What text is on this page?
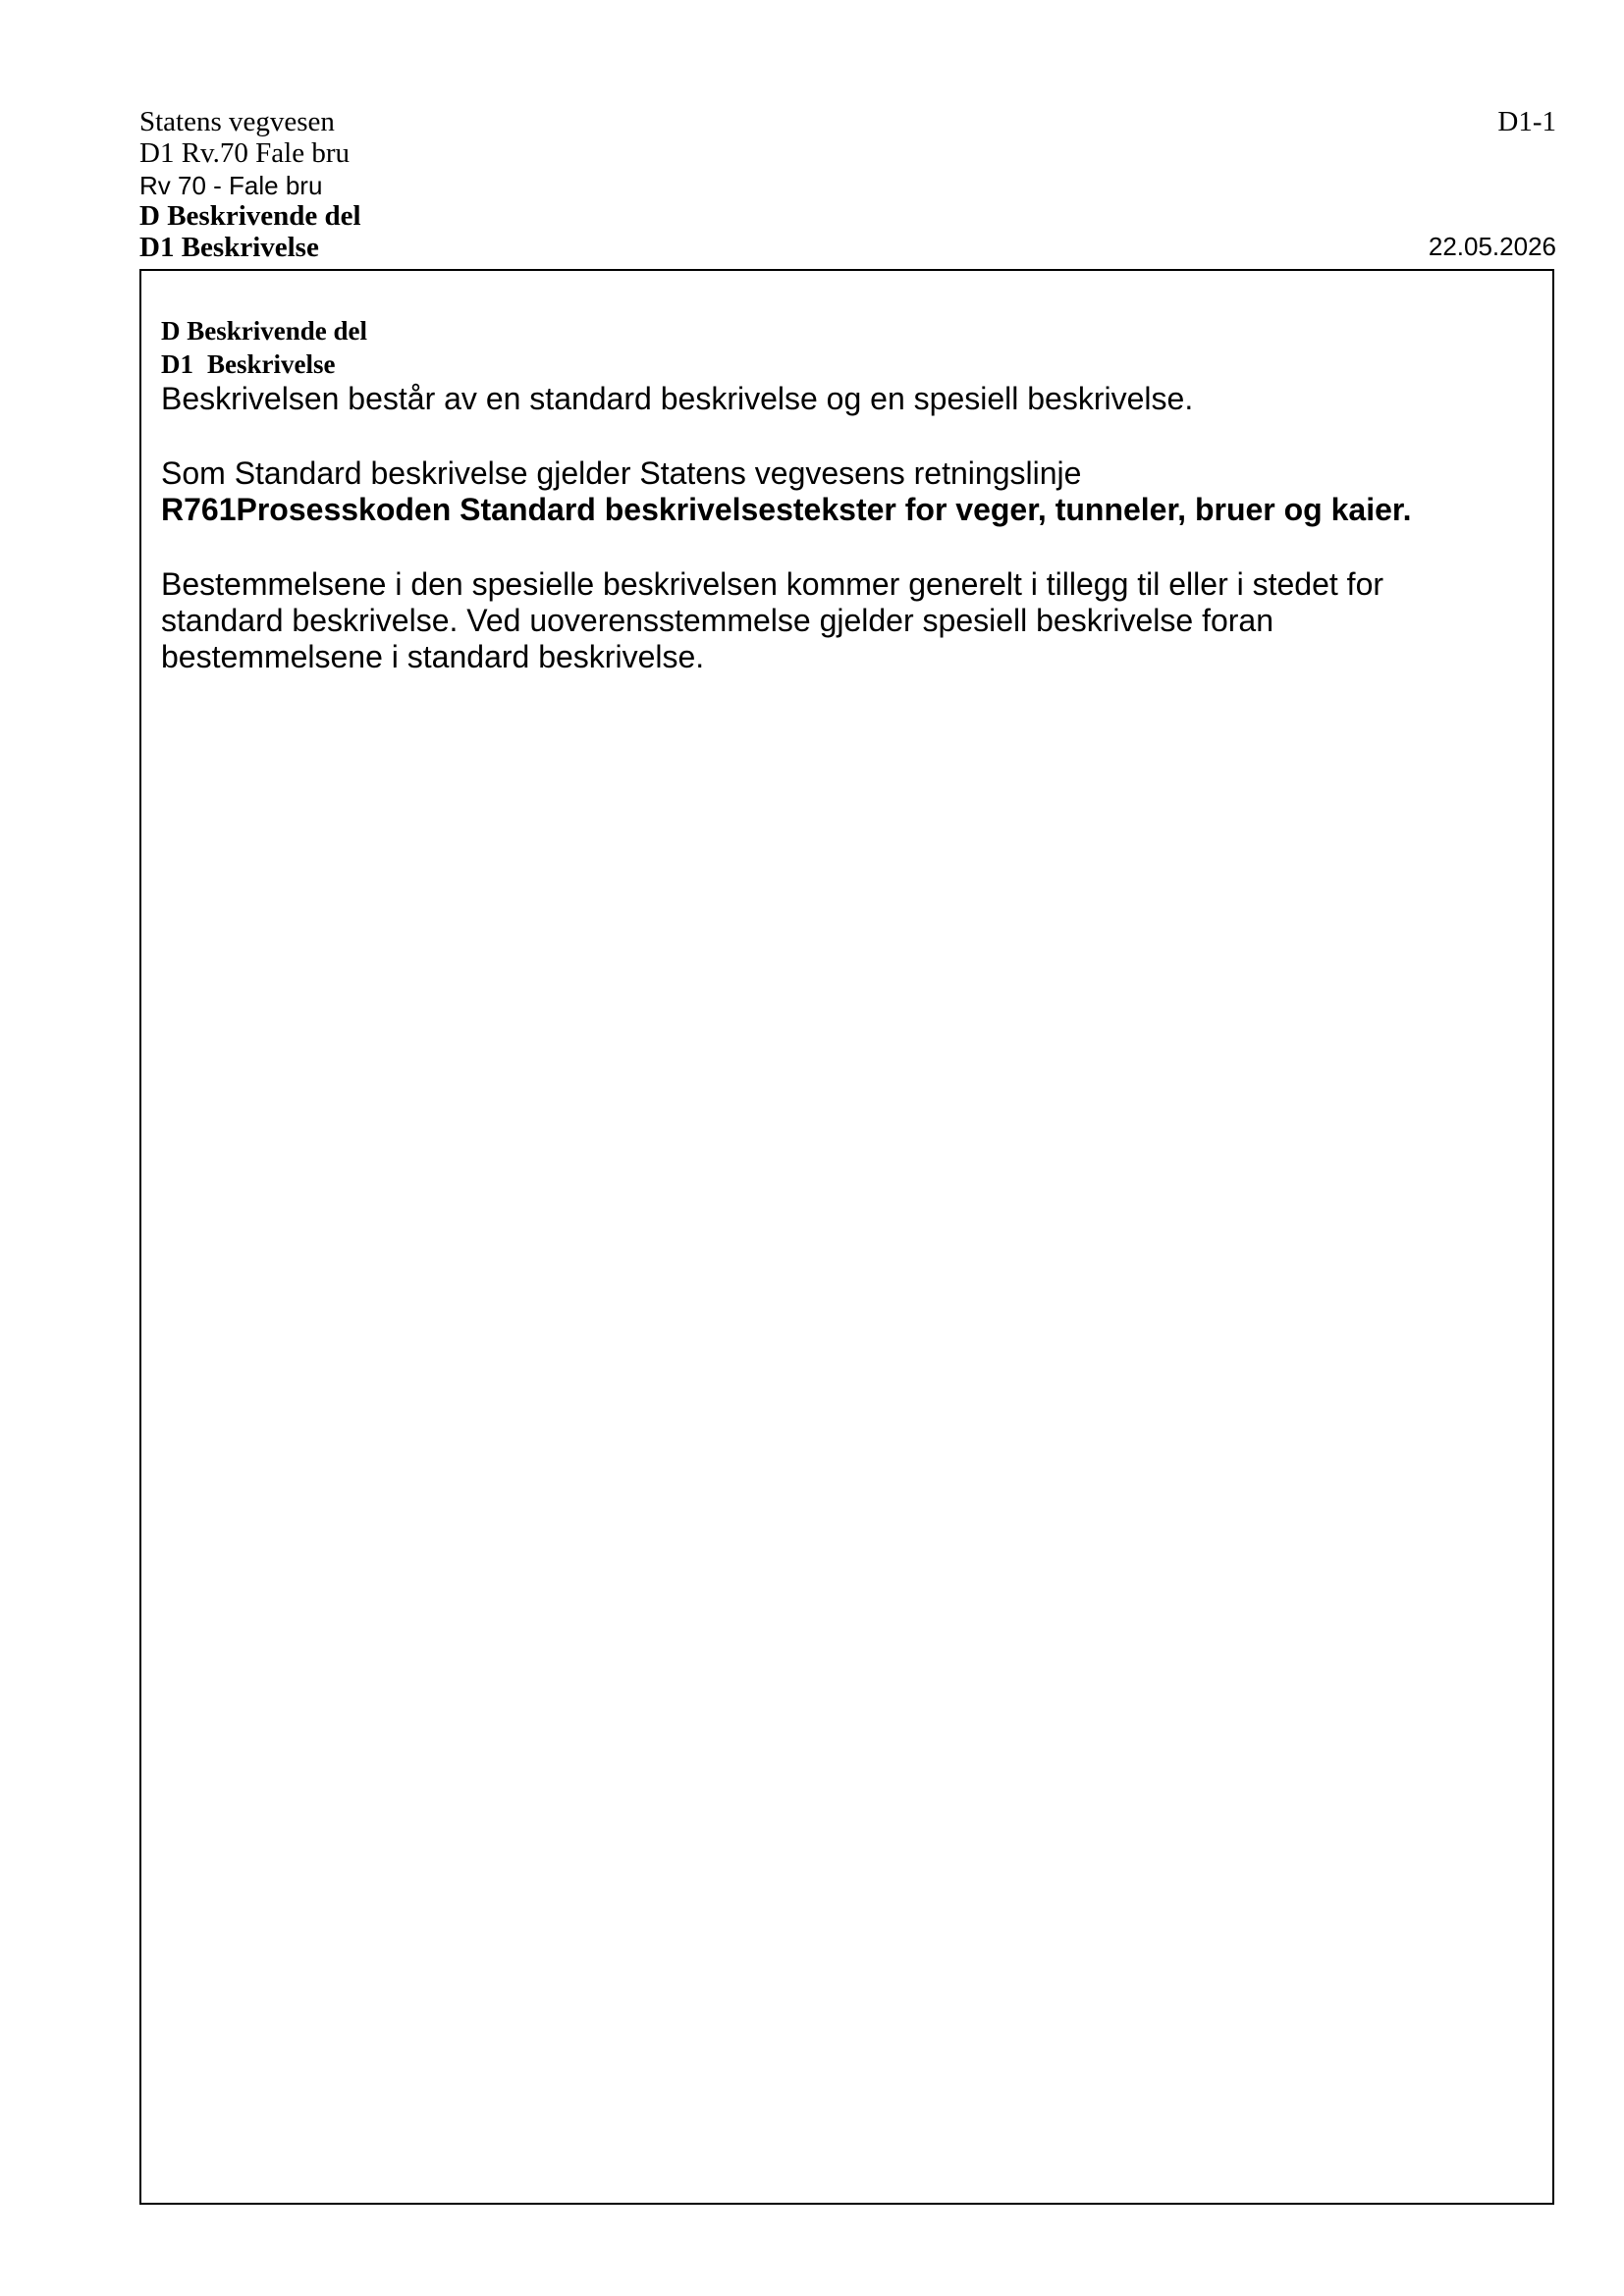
Statens vegvesen
D1 Rv.70 Fale bru
Rv 70 - Fale bru
D Beskrivende del
D1 Beskrivelse
D1-1
22.05.2026

D Beskrivende del

D1 Beskrivelse

Beskrivelsen består av en standard beskrivelse og en spesiell beskrivelse.

Som Standard beskrivelse gjelder Statens vegvesens retningslinje

R761Prosesskoden Standard beskrivelsestekster for veger, tunneler, bruer og kaier.

Bestemmelsene i den spesielle beskrivelsen kommer generelt i tillegg til eller i stedet for

standard beskrivelse. Ved uoverensstemmelse gjelder spesiell beskrivelse foran

bestemmelsene i standard beskrivelse.
